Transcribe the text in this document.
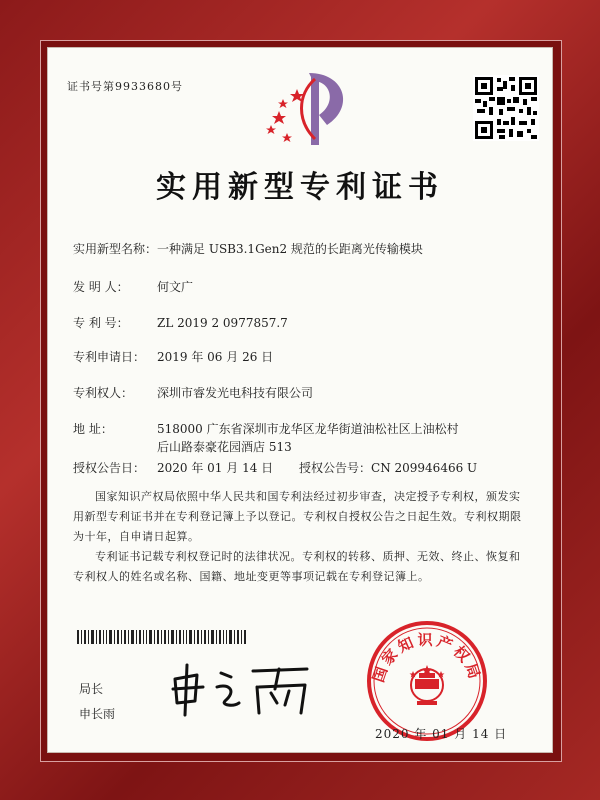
证书号第9933680号
实用新型专利证书
实用新型名称：一种满足 USB3.1Gen2 规范的长距离光传输模块
发 明 人： 何文广
专 利 号： ZL 2019 2 0977857.7
专利申请日： 2019 年 06 月 26 日
专利权人： 深圳市睿发光电科技有限公司
地 址：	518000 广东省深圳市龙华区龙华街道油松社区上油松村
后山路泰豪花园酒店 513
授权公告日： 2020 年 01 月 14 日 授权公告号：CN 209946466 U
国家知识产权局依照中华人民共和国专利法经过初步审查，决定授予专利权，颁发实用新型专利证书并在专利登记簿上予以登记。专利权自授权公告之日起生效。专利权期限为十年，自申请日起算。
专利证书记载专利权登记时的法律状况。专利权的转移、质押、无效、终止、恢复和专利权人的姓名或名称、国籍、地址变更等事项记载在专利登记簿上。
局长
申长雨
国家知识产权局
2020 年 01 月 14 日
